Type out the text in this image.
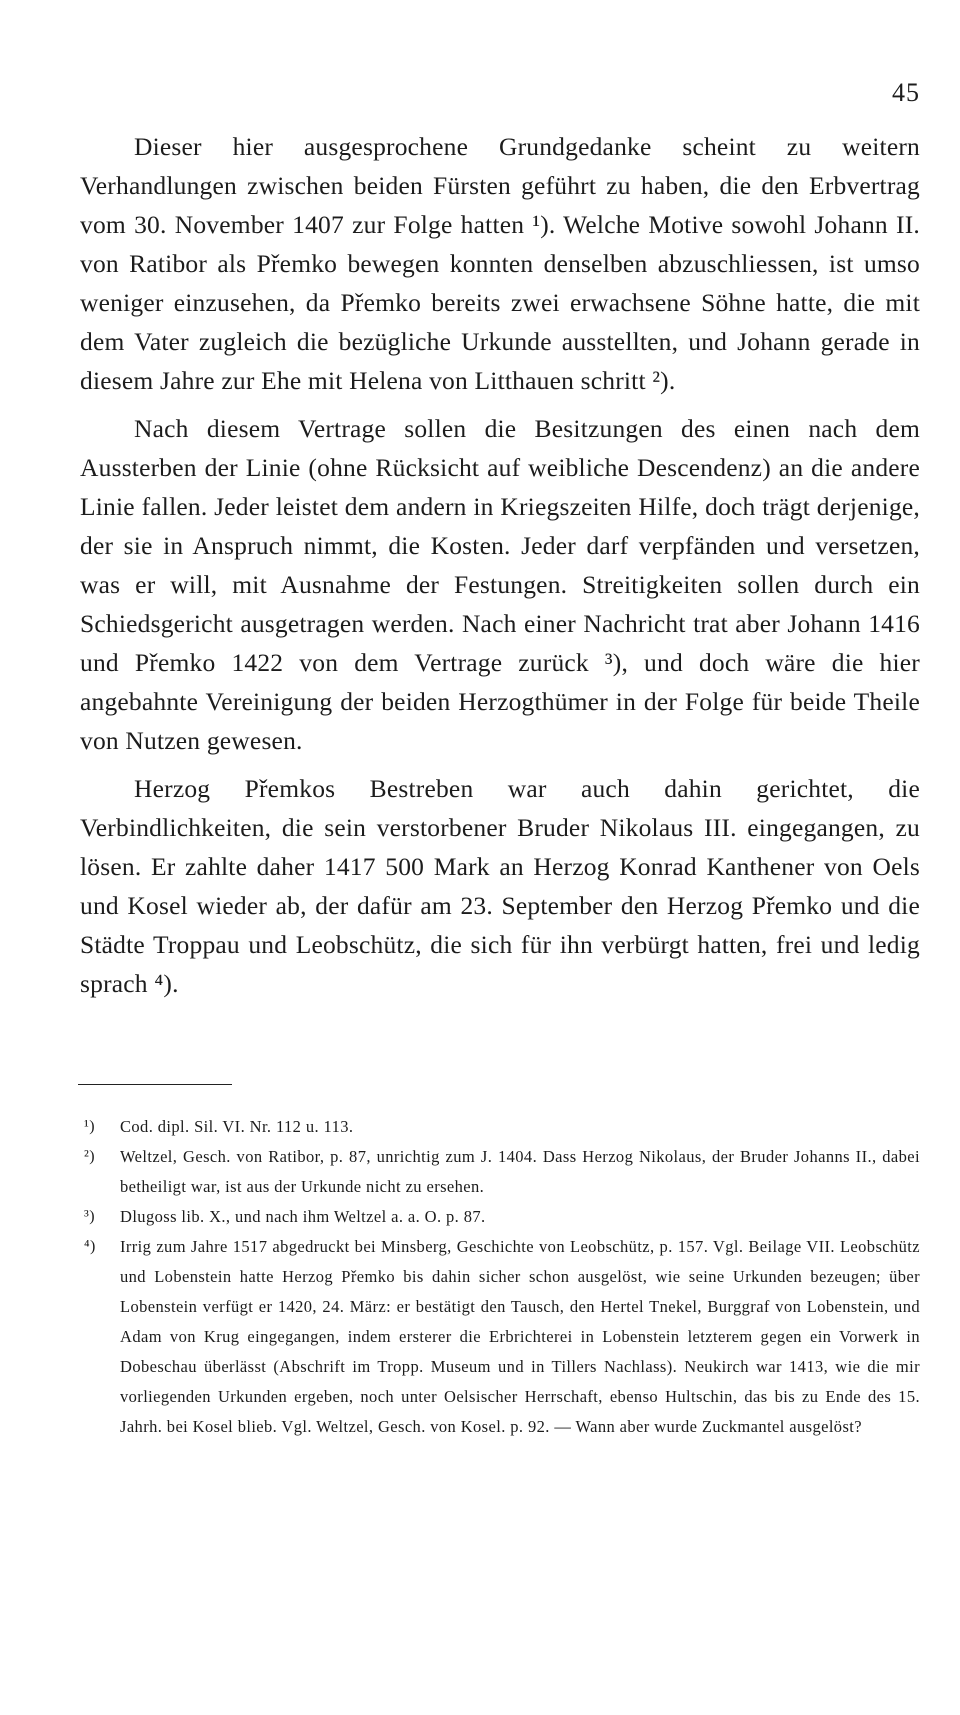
45

Dieser hier ausgesprochene Grundgedanke scheint zu weitern Verhandlungen zwischen beiden Fürsten geführt zu haben, die den Erbvertrag vom 30. November 1407 zur Folge hatten ¹). Welche Motive sowohl Johann II. von Ratibor als Přemko bewegen konnten denselben abzuschliessen, ist umso weniger einzusehen, da Přemko bereits zwei erwachsene Söhne hatte, die mit dem Vater zugleich die bezügliche Urkunde ausstellten, und Johann gerade in diesem Jahre zur Ehe mit Helena von Litthauen schritt ²).

Nach diesem Vertrage sollen die Besitzungen des einen nach dem Aussterben der Linie (ohne Rücksicht auf weibliche Descendenz) an die andere Linie fallen. Jeder leistet dem andern in Kriegszeiten Hilfe, doch trägt derjenige, der sie in Anspruch nimmt, die Kosten. Jeder darf verpfänden und versetzen, was er will, mit Ausnahme der Festungen. Streitigkeiten sollen durch ein Schiedsgericht ausgetragen werden. Nach einer Nachricht trat aber Johann 1416 und Přemko 1422 von dem Vertrage zurück ³), und doch wäre die hier angebahnte Vereinigung der beiden Herzogthümer in der Folge für beide Theile von Nutzen gewesen.

Herzog Přemkos Bestreben war auch dahin gerichtet, die Verbindlichkeiten, die sein verstorbener Bruder Nikolaus III. eingegangen, zu lösen. Er zahlte daher 1417 500 Mark an Herzog Konrad Kanthener von Oels und Kosel wieder ab, der dafür am 23. September den Herzog Přemko und die Städte Troppau und Leobschütz, die sich für ihn verbürgt hatten, frei und ledig sprach ⁴).

¹)	Cod. dipl. Sil. VI. Nr. 112 u. 113.
²)	Weltzel, Gesch. von Ratibor, p. 87, unrichtig zum J. 1404. Dass Herzog Nikolaus, der Bruder Johanns II., dabei betheiligt war, ist aus der Urkunde nicht zu ersehen.
³)	Dlugoss lib. X., und nach ihm Weltzel a. a. O. p. 87.
⁴)	Irrig zum Jahre 1517 abgedruckt bei Minsberg, Geschichte von Leobschütz, p. 157. Vgl. Beilage VII. Leobschütz und Lobenstein hatte Herzog Přemko bis dahin sicher schon ausgelöst, wie seine Urkunden bezeugen; über Lobenstein verfügt er 1420, 24. März: er bestätigt den Tausch, den Hertel Tnekel, Burggraf von Lobenstein, und Adam von Krug eingegangen, indem ersterer die Erbrichterei in Lobenstein letzterem gegen ein Vorwerk in Dobeschau überlässt (Abschrift im Tropp. Museum und in Tillers Nachlass). Neukirch war 1413, wie die mir vorliegenden Urkunden ergeben, noch unter Oelsischer Herrschaft, ebenso Hultschin, das bis zu Ende des 15. Jahrh. bei Kosel blieb. Vgl. Weltzel, Gesch. von Kosel. p. 92. — Wann aber wurde Zuckmantel ausgelöst?
